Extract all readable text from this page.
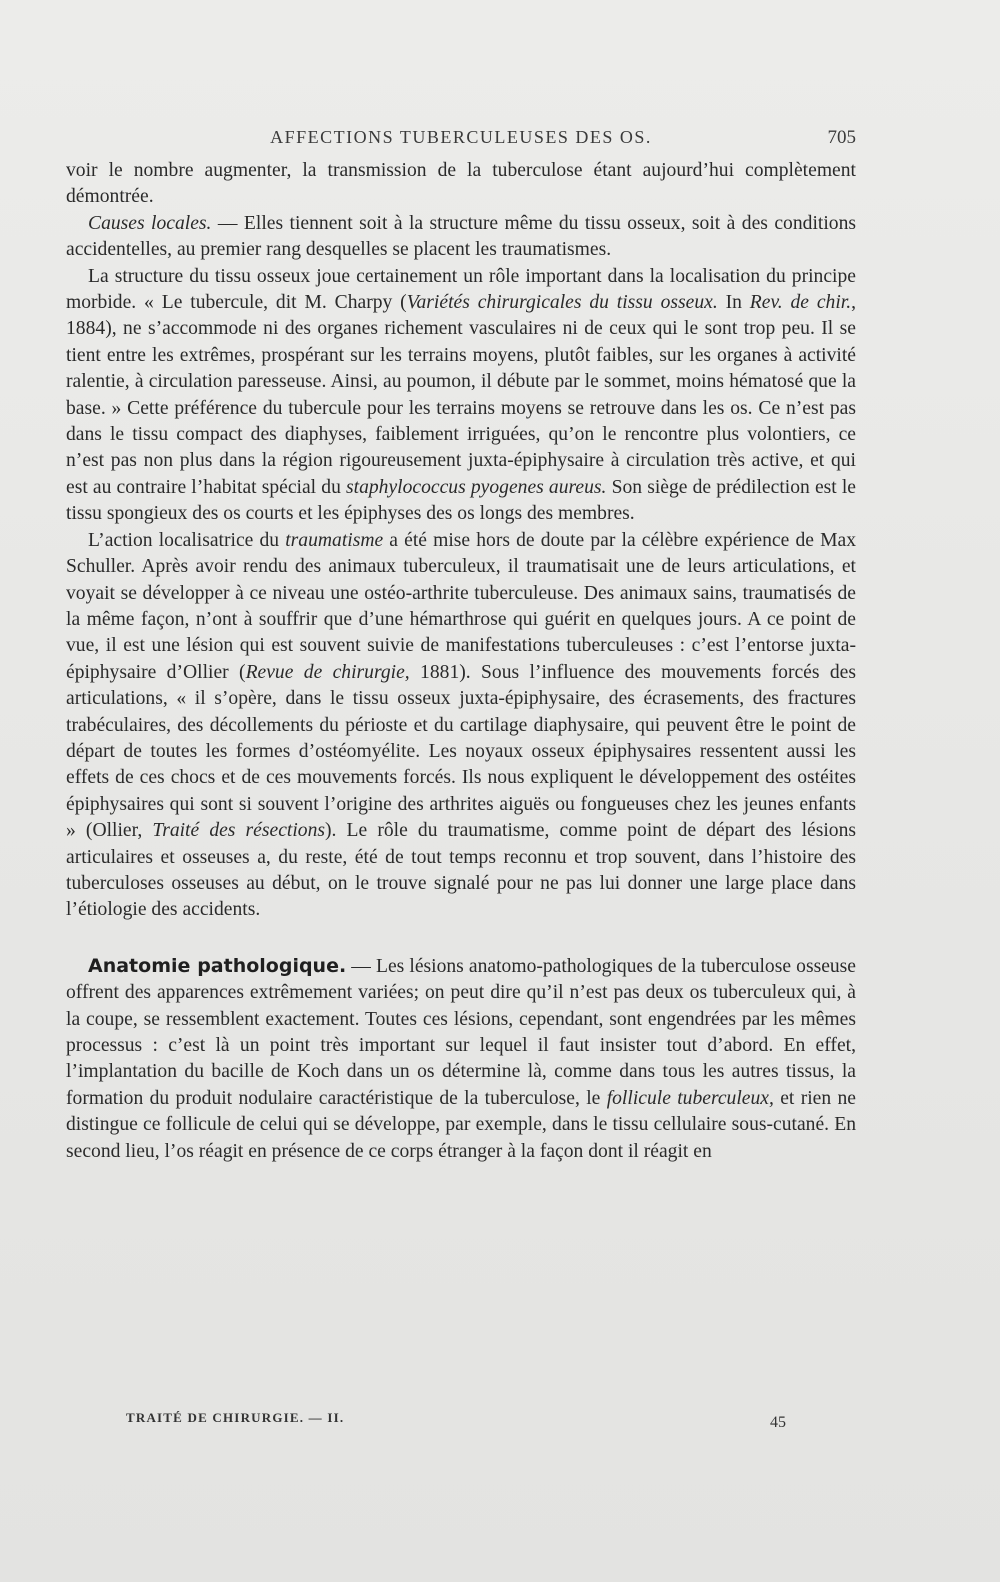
AFFECTIONS TUBERCULEUSES DES OS.	705

voir le nombre augmenter, la transmission de la tuberculose étant aujourd’hui complètement démontrée.

Causes locales. — Elles tiennent soit à la structure même du tissu osseux, soit à des conditions accidentelles, au premier rang desquelles se placent les traumatismes.

La structure du tissu osseux joue certainement un rôle important dans la localisation du principe morbide. « Le tubercule, dit M. Charpy (Variétés chirurgicales du tissu osseux. In Rev. de chir., 1884), ne s’accommode ni des organes richement vasculaires ni de ceux qui le sont trop peu. Il se tient entre les extrêmes, prospérant sur les terrains moyens, plutôt faibles, sur les organes à activité ralentie, à circulation paresseuse. Ainsi, au poumon, il débute par le sommet, moins hématosé que la base. » Cette préférence du tubercule pour les terrains moyens se retrouve dans les os. Ce n’est pas dans le tissu compact des diaphyses, faiblement irriguées, qu’on le rencontre plus volontiers, ce n’est pas non plus dans la région rigoureusement juxta-épiphysaire à circulation très active, et qui est au contraire l’habitat spécial du staphylococcus pyogenes aureus. Son siège de prédilection est le tissu spongieux des os courts et les épiphyses des os longs des membres.

L’action localisatrice du traumatisme a été mise hors de doute par la célèbre expérience de Max Schuller. Après avoir rendu des animaux tuberculeux, il traumatisait une de leurs articulations, et voyait se développer à ce niveau une ostéo-arthrite tuberculeuse. Des animaux sains, traumatisés de la même façon, n’ont à souffrir que d’une hémarthrose qui guérit en quelques jours. A ce point de vue, il est une lésion qui est souvent suivie de manifestations tuberculeuses : c’est l’entorse juxta-épiphysaire d’Ollier (Revue de chirurgie, 1881). Sous l’influence des mouvements forcés des articulations, « il s’opère, dans le tissu osseux juxta-épiphysaire, des écrasements, des fractures trabéculaires, des décollements du périoste et du cartilage diaphysaire, qui peuvent être le point de départ de toutes les formes d’ostéomyélite. Les noyaux osseux épiphysaires ressentent aussi les effets de ces chocs et de ces mouvements forcés. Ils nous expliquent le développement des ostéites épiphysaires qui sont si souvent l’origine des arthrites aiguës ou fongueuses chez les jeunes enfants » (Ollier, Traité des résections). Le rôle du traumatisme, comme point de départ des lésions articulaires et osseuses a, du reste, été de tout temps reconnu et trop souvent, dans l’histoire des tuberculoses osseuses au début, on le trouve signalé pour ne pas lui donner une large place dans l’étiologie des accidents.

Anatomie pathologique. — Les lésions anatomo-pathologiques de la tuberculose osseuse offrent des apparences extrêmement variées; on peut dire qu’il n’est pas deux os tuberculeux qui, à la coupe, se ressemblent exactement. Toutes ces lésions, cependant, sont engendrées par les mêmes processus : c’est là un point très important sur lequel il faut insister tout d’abord. En effet, l’implantation du bacille de Koch dans un os détermine là, comme dans tous les autres tissus, la formation du produit nodulaire caractéristique de la tuberculose, le follicule tuberculeux, et rien ne distingue ce follicule de celui qui se développe, par exemple, dans le tissu cellulaire sous-cutané. En second lieu, l’os réagit en présence de ce corps étranger à la façon dont il réagit en

TRAITÉ DE CHIRURGIE. — II.	45
